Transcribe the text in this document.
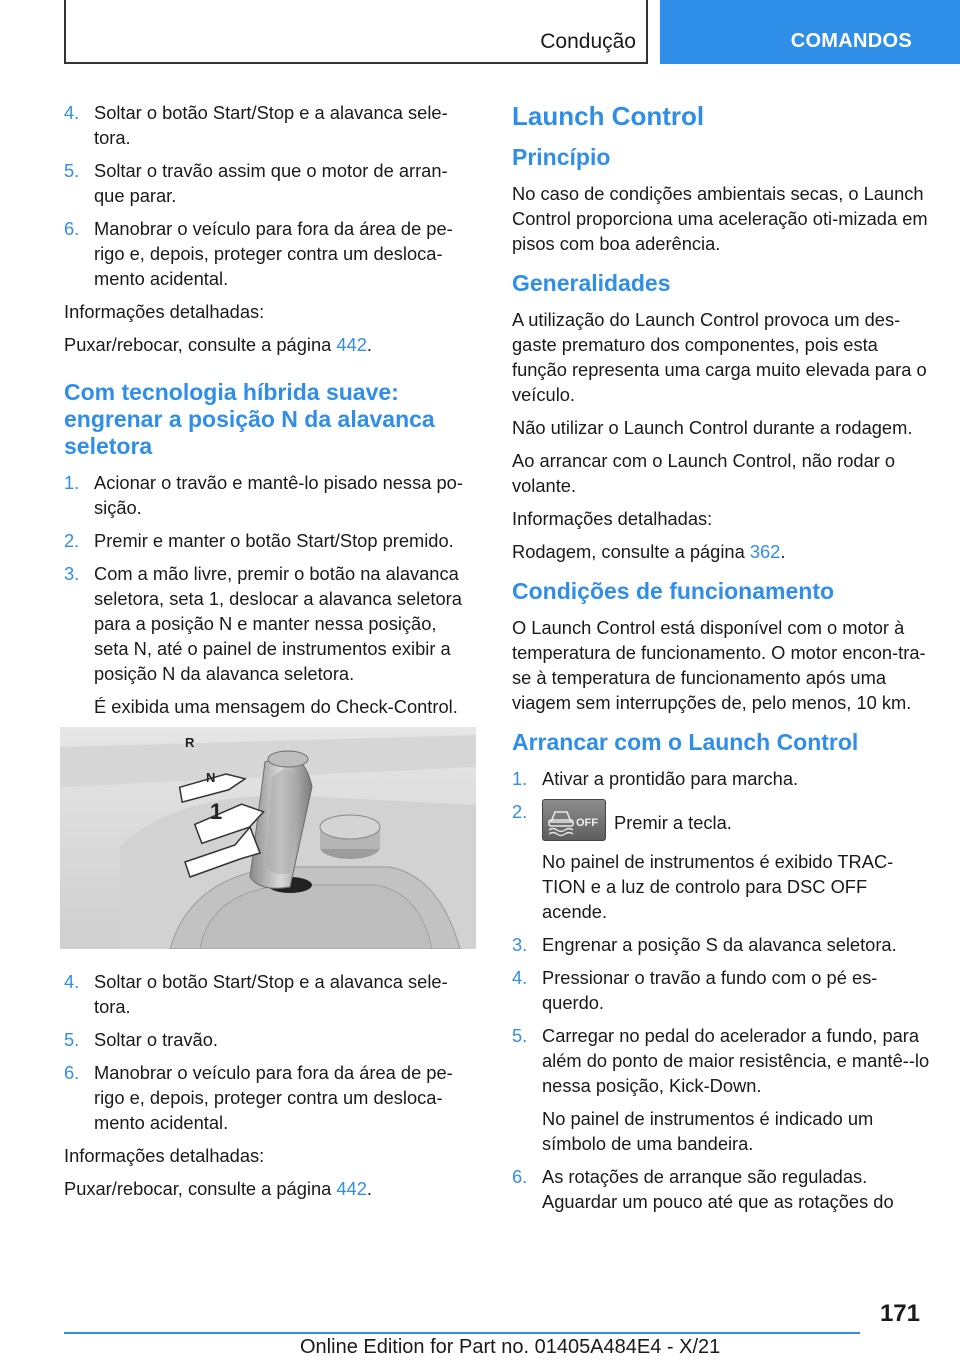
Condução	COMANDOS
4. Soltar o botão Start/Stop e a alavanca sele-tora.
5. Soltar o travão assim que o motor de arran-que parar.
6. Manobrar o veículo para fora da área de pe-rigo e, depois, proteger contra um desloca-mento acidental.

Informações detalhadas:

Puxar/rebocar, consulte a página 442.

Com tecnologia híbrida suave: engrenar a posição N da alavanca seletora
1. Acionar o travão e mantê-lo pisado nessa po-sição.
2. Premir e manter o botão Start/Stop premido.
3. Com a mão livre, premir o botão na alavanca seletora, seta 1, deslocar a alavanca seletora para a posição N e manter nessa posição, seta N, até o painel de instrumentos exibir a posição N da alavanca seletora.
É exibida uma mensagem do Check-Control.
R
N
1
4. Soltar o botão Start/Stop e a alavanca sele-tora.
5. Soltar o travão.
6. Manobrar o veículo para fora da área de pe-rigo e, depois, proteger contra um desloca-mento acidental.

Informações detalhadas:

Puxar/rebocar, consulte a página 442.

Launch Control
Princípio

No caso de condições ambientais secas, o Launch Control proporciona uma aceleração oti-mizada em pisos com boa aderência.

Generalidades

A utilização do Launch Control provoca um des-gaste prematuro dos componentes, pois esta função representa uma carga muito elevada para o veículo.

Não utilizar o Launch Control durante a rodagem.

Ao arrancar com o Launch Control, não rodar o volante.

Informações detalhadas:

Rodagem, consulte a página 362.

Condições de funcionamento

O Launch Control está disponível com o motor à temperatura de funcionamento. O motor encon-tra-se à temperatura de funcionamento após uma viagem sem interrupções de, pelo menos, 10 km.

Arrancar com o Launch Control
1. Ativar a prontidão para marcha.
2.
OFF Premir a tecla.
No painel de instrumentos é exibido TRAC-TION e a luz de controlo para DSC OFF acende.
3. Engrenar a posição S da alavanca seletora.
4. Pressionar o travão a fundo com o pé es-querdo.
5. Carregar no pedal do acelerador a fundo, para além do ponto de maior resistência, e mantê--lo nessa posição, Kick-Down.
No painel de instrumentos é indicado um símbolo de uma bandeira.
6. As rotações de arranque são reguladas. Aguardar um pouco até que as rotações do
171
Online Edition for Part no. 01405A484E4 - X/21
